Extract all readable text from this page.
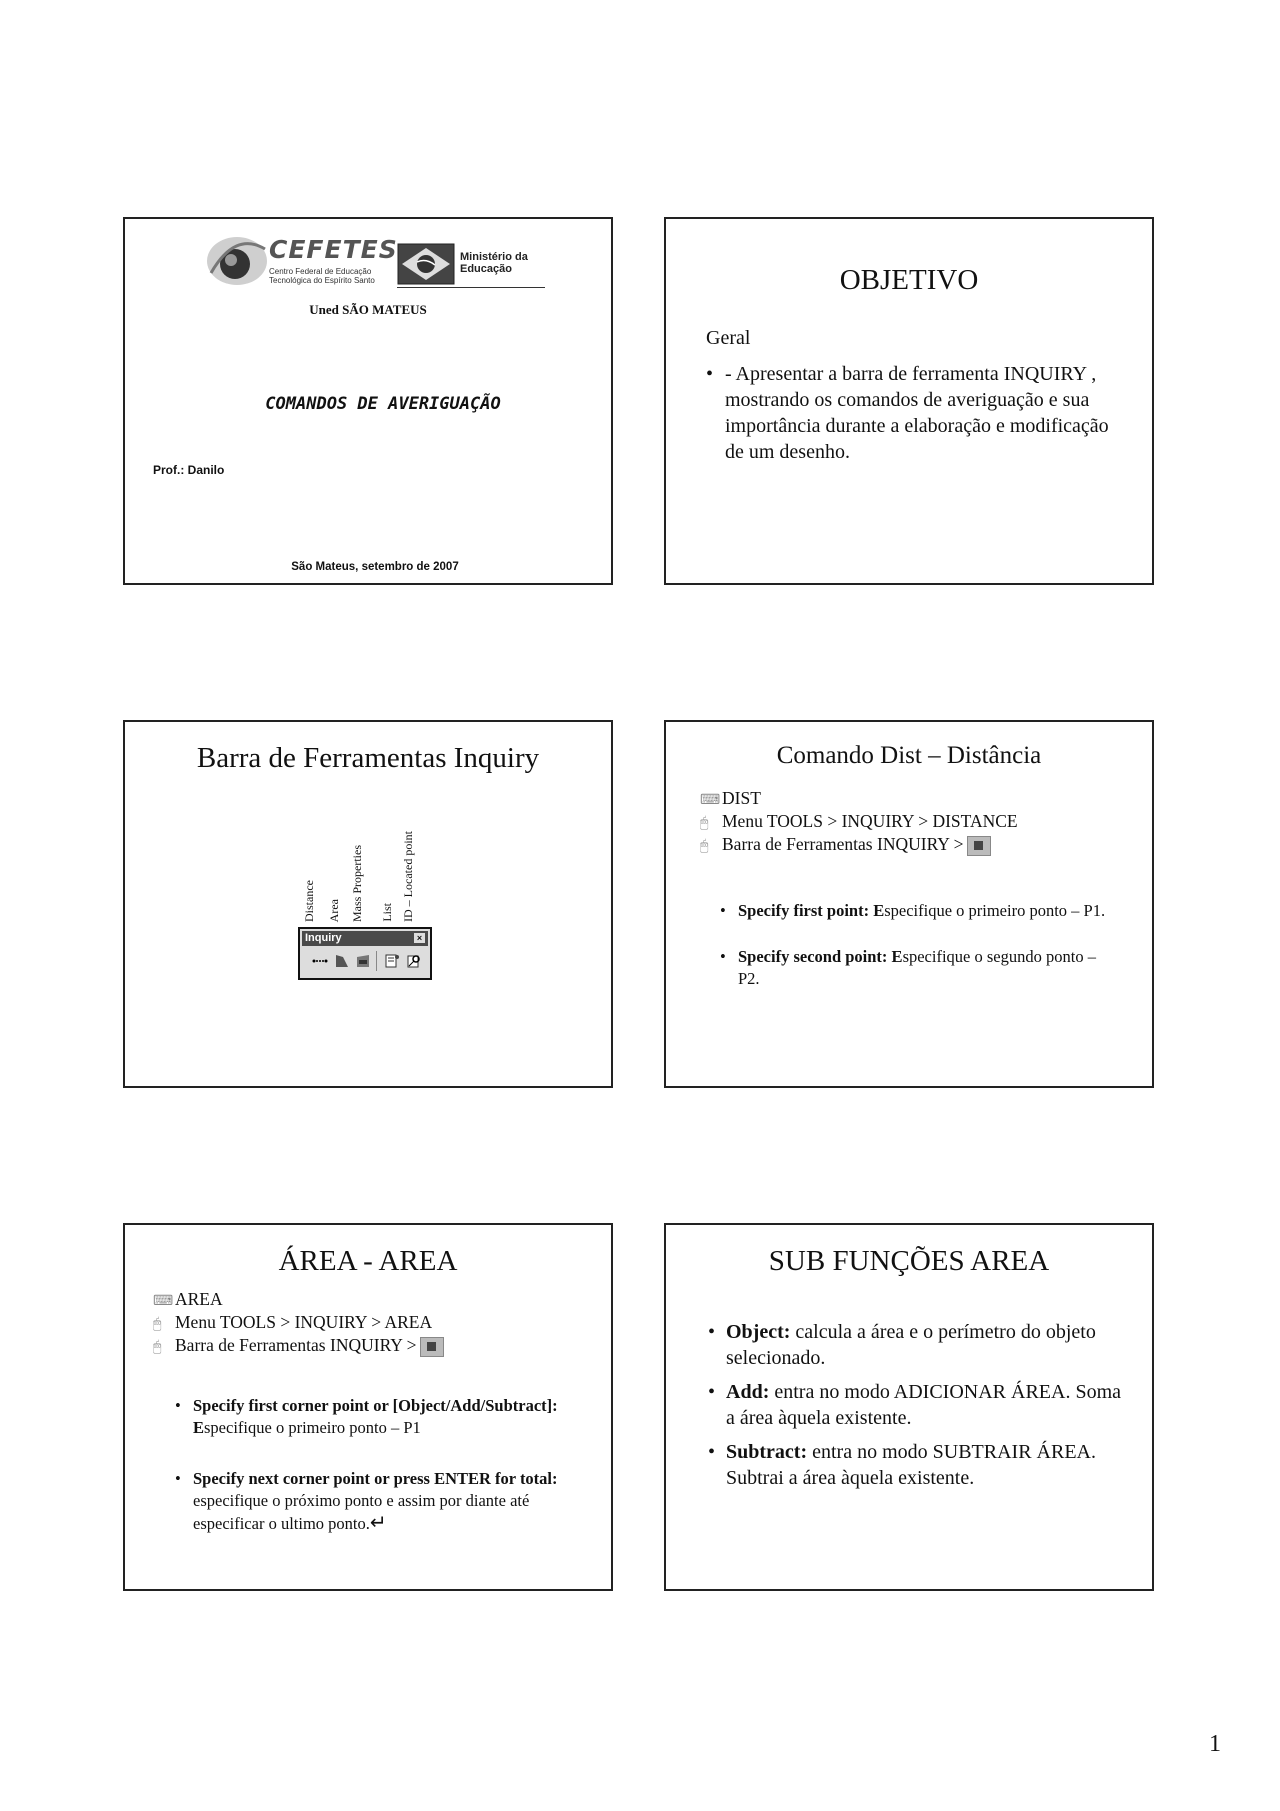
CEFETES
Centro Federal de Educação Tecnológica do Espírito Santo
Ministério da Educação
Uned SÃO MATEUS
COMANDOS DE AVERIGUAÇÃO
Prof.: Danilo
São Mateus, setembro de 2007
OBJETIVO
Geral
• - Apresentar a barra de ferramenta INQUIRY , mostrando os comandos de averiguação e sua importância durante a elaboração e modificação de um desenho.
Barra de Ferramentas Inquiry
Distance Area Mass Properties List ID – Located point
Inquiry	×
Comando Dist – Distância
⌨ DIST
🖱 Menu TOOLS > INQUIRY > DISTANCE
🖱 Barra de Ferramentas INQUIRY >
• Specify first point: Especifique o primeiro ponto – P1.
• Specify second point: Especifique o segundo ponto – P2.
ÁREA - AREA
⌨ AREA
🖱 Menu TOOLS > INQUIRY > AREA
🖱 Barra de Ferramentas INQUIRY >
• Specify first corner point or [Object/Add/Subtract]: Especifique o primeiro ponto – P1
• Specify next corner point or press ENTER for total: especifique o próximo ponto e assim por diante até especificar o ultimo ponto.↵
SUB FUNÇÕES AREA
• Object: calcula a área e o perímetro do objeto selecionado.
• Add: entra no modo ADICIONAR ÁREA. Soma a área àquela existente.
• Subtract: entra no modo SUBTRAIR ÁREA. Subtrai a área àquela existente.
1
